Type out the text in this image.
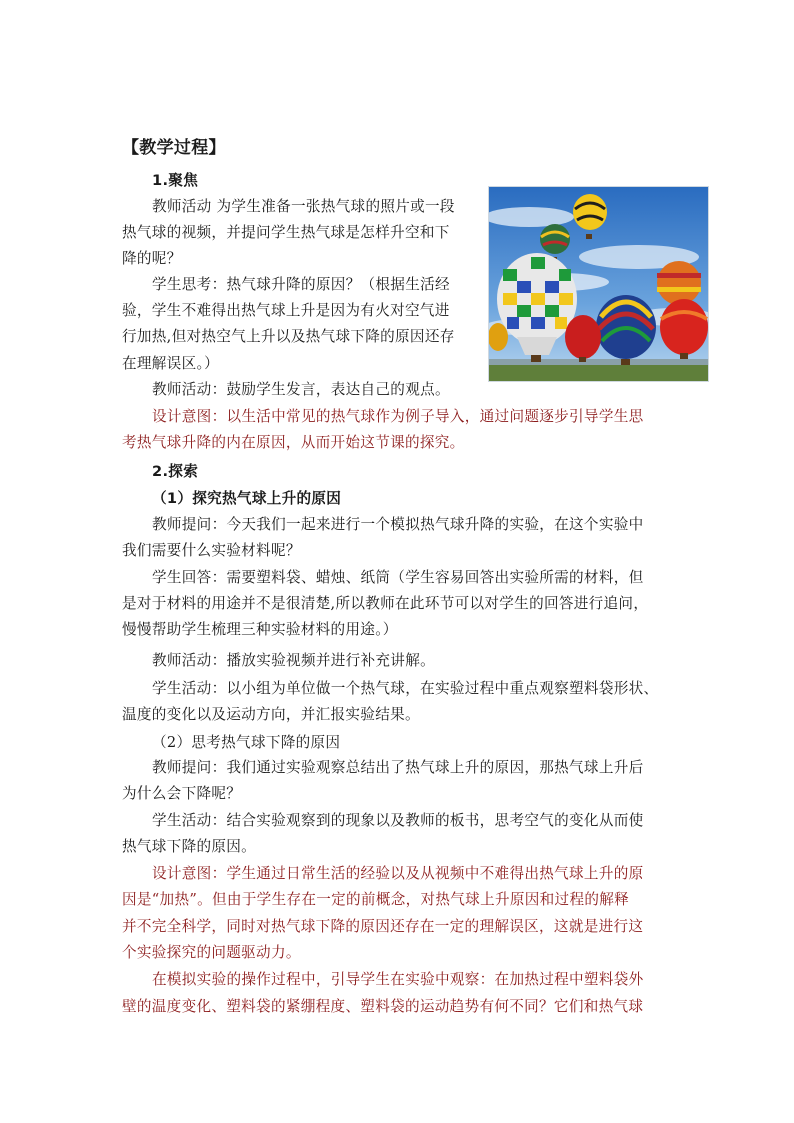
【教学过程】
1.聚焦
教师活动 为学生准备一张热气球的照片或一段
热气球的视频，并提问学生热气球是怎样升空和下
降的呢？
学生思考：热气球升降的原因？（根据生活经
验，学生不难得出热气球上升是因为有火对空气进
行加热,但对热空气上升以及热气球下降的原因还存
在理解误区。）
教师活动：鼓励学生发言，表达自己的观点。
设计意图：以生活中常见的热气球作为例子导入，通过问题逐步引导学生思
考热气球升降的内在原因，从而开始这节课的探究。
2.探索
（1）探究热气球上升的原因
教师提问：今天我们一起来进行一个模拟热气球升降的实验，在这个实验中
我们需要什么实验材料呢？
学生回答：需要塑料袋、蜡烛、纸筒（学生容易回答出实验所需的材料，但
是对于材料的用途并不是很清楚,所以教师在此环节可以对学生的回答进行追问，
慢慢帮助学生梳理三种实验材料的用途。）
教师活动：播放实验视频并进行补充讲解。
学生活动：以小组为单位做一个热气球，在实验过程中重点观察塑料袋形状、
温度的变化以及运动方向，并汇报实验结果。
（2）思考热气球下降的原因
教师提问：我们通过实验观察总结出了热气球上升的原因，那热气球上升后
为什么会下降呢？
学生活动：结合实验观察到的现象以及教师的板书，思考空气的变化从而使
热气球下降的原因。
设计意图：学生通过日常生活的经验以及从视频中不难得出热气球上升的原
因是“加热”。但由于学生存在一定的前概念，对热气球上升原因和过程的解释
并不完全科学，同时对热气球下降的原因还存在一定的理解误区，这就是进行这
个实验探究的问题驱动力。
在模拟实验的操作过程中，引导学生在实验中观察：在加热过程中塑料袋外
壁的温度变化、塑料袋的紧绷程度、塑料袋的运动趋势有何不同？它们和热气球
